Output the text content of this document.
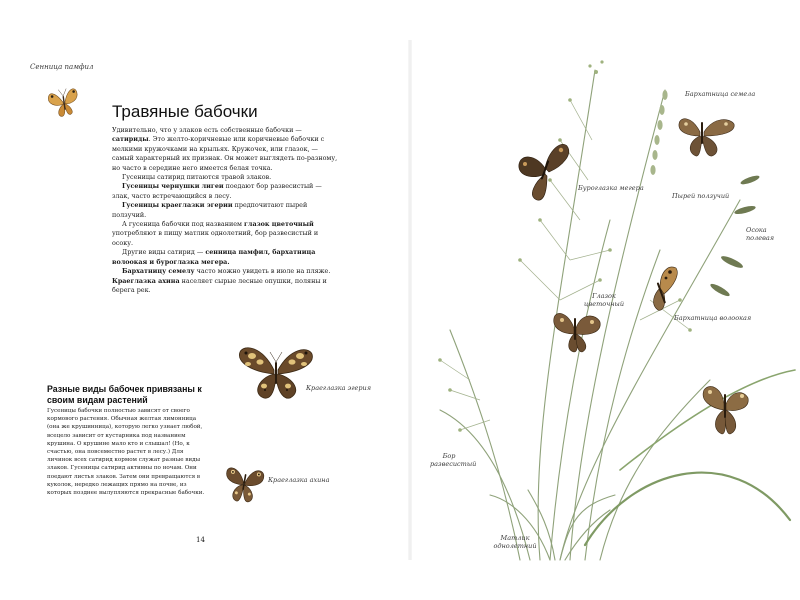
Сенница памфил
Травяные бабочки

Удивительно, что у злаков есть собственные бабочки — сатириды. Это желто-коричневые или коричневые бабочки с мелкими кружочками на крыльях. Кружочек, или глазок, — самый характерный их признак. Он может выглядеть по-разному, но часто в середине него имеется белая точка.

Гусеницы сатирид питаются травой злаков.

Гусеницы чернушки лигеи поедают бор развесистый — злак, часто встречающийся в лесу.

Гусеницы краеглазки эгерии предпочитают пырей ползучий.

А гусеница бабочки под названием глазок цветочный употребляют в пищу матлик однолетний, бор развесистый и осоку.

Другие виды сатирид — сенница памфил, бархатница волоокая и буроглазка мегера.

Бархатницу семелу часто можно увидеть в июле на пляже. Краеглазка ахина населяет сырые лесные опушки, поляны и берега рек.

Краеглазка эгерия
Разные виды бабочек привязаны к своим видам растений
Гусеницы бабочки полностью зависят от своего кормового растения. Обычная желтая лимонница (она же крушинница), которую легко узнает любой, всецело зависит от кустарника под названием крушина. О крушине мало кто и слышал! (Но, к счастью, она повсеместно растет в лесу.) Для личинок всех сатирид кормом служат разные виды злаков. Гусеницы сатирид активны по ночам. Они поедают листья злаков. Затем они превращаются в куколок, нередко лежащих прямо на почве, из которых позднее вылупляются прекрасные бабочки.
Краеглазка ахина
14
Бархатница семела
Буроглазка мегера
Пырей ползучий
Осока полевая
Глазок цветочный
Бархатница волоокая
Бор развесистый
Матлик однолетний
